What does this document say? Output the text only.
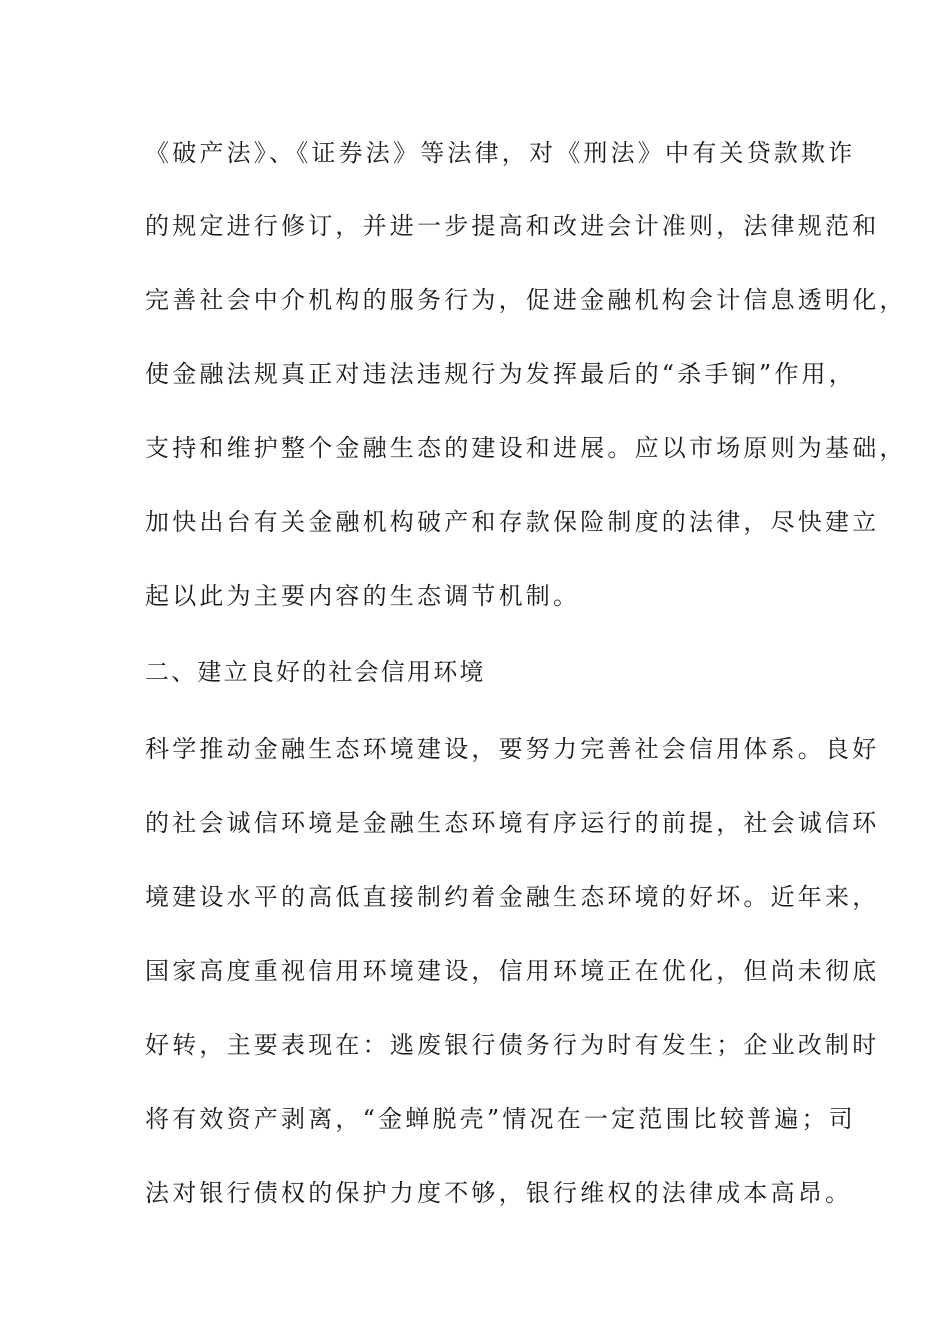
《破产法》、《证券法》等法律，对《刑法》中有关贷款欺诈
的规定进行修订，并进一步提高和改进会计准则，法律规范和
完善社会中介机构的服务行为，促进金融机构会计信息透明化，
使金融法规真正对违法违规行为发挥最后的“杀手锏”作用，
支持和维护整个金融生态的建设和进展。应以市场原则为基础，
加快出台有关金融机构破产和存款保险制度的法律，尽快建立
起以此为主要内容的生态调节机制。
二、建立良好的社会信用环境
科学推动金融生态环境建设，要努力完善社会信用体系。良好
的社会诚信环境是金融生态环境有序运行的前提，社会诚信环
境建设水平的高低直接制约着金融生态环境的好坏。近年来，
国家高度重视信用环境建设，信用环境正在优化，但尚未彻底
好转，主要表现在：逃废银行债务行为时有发生；企业改制时
将有效资产剥离，“金蝉脱壳”情况在一定范围比较普遍；司
法对银行债权的保护力度不够，银行维权的法律成本高昂。
